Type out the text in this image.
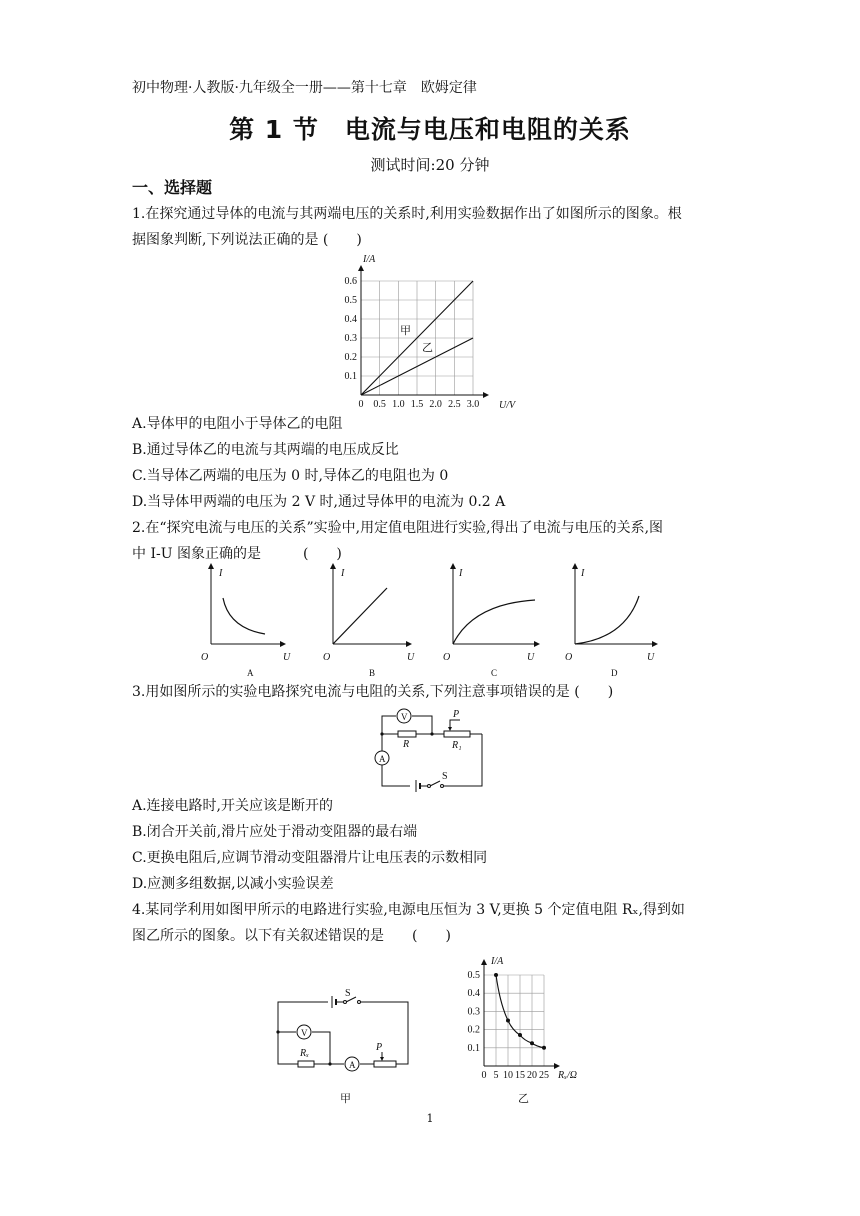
初中物理·人教版·九年级全一册——第十七章　欧姆定律
第 1 节　电流与电压和电阻的关系
测试时间:20 分钟
一、选择题
1.在探究通过导体的电流与其两端电压的关系时,利用实验数据作出了如图所示的图象。根
据图象判断,下列说法正确的是 (　　)
0 0.5 1.0 1.5 2.0 2.5 3.0
0.1
0.2
0.3
0.4
0.5
0.6
I/A
U/V
甲
乙
A.导体甲的电阻小于导体乙的电阻
B.通过导体乙的电流与其两端的电压成反比
C.当导体乙两端的电压为 0 时,导体乙的电阻也为 0
D.当导体甲两端的电压为 2 V 时,通过导体甲的电流为 0.2 A
2.在“探究电流与电压的关系”实验中,用定值电阻进行实验,得出了电流与电压的关系,图
中 I-U 图象正确的是　　　(　　)
I
O	U
A
I
O	U
B
I
O	U
C
I
O	U
D
3.用如图所示的实验电路探究电流与电阻的关系,下列注意事项错误的是 (　　)
V
A
R	R₁
P
S
A.连接电路时,开关应该是断开的
B.闭合开关前,滑片应处于滑动变阻器的最右端
C.更换电阻后,应调节滑动变阻器滑片让电压表的示数相同
D.应测多组数据,以减小实验误差
4.某同学利用如图甲所示的电路进行实验,电源电压恒为 3 V,更换 5 个定值电阻 Rₓ,得到如
图乙所示的图象。以下有关叙述错误的是　　(　　)
V
A
Rₓ
P
S
甲
0 5 10 15 20 25
0.1
0.2
0.3
0.4
0.5
I/A
Rₓ/Ω
乙
1
